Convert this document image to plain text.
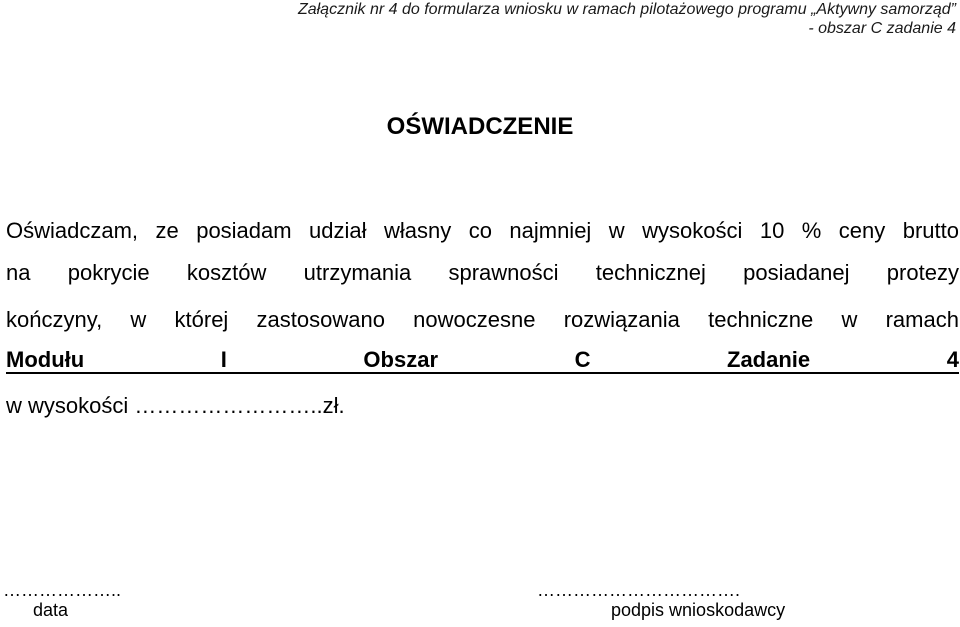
Załącznik nr 4 do formularza wniosku w ramach pilotażowego programu „Aktywny samorząd”
- obszar C zadanie 4
OŚWIADCZENIE
Oświadczam, ze posiadam udział własny co najmniej w wysokości 10 % ceny brutto
na pokrycie kosztów utrzymania sprawności technicznej posiadanej protezy
kończyny, w której zastosowano nowoczesne rozwiązania techniczne w ramach
Modułu	I	Obszar	C	Zadanie	4
w wysokości ……………………..zł.
………………..
data
…………………………….
podpis wnioskodawcy
